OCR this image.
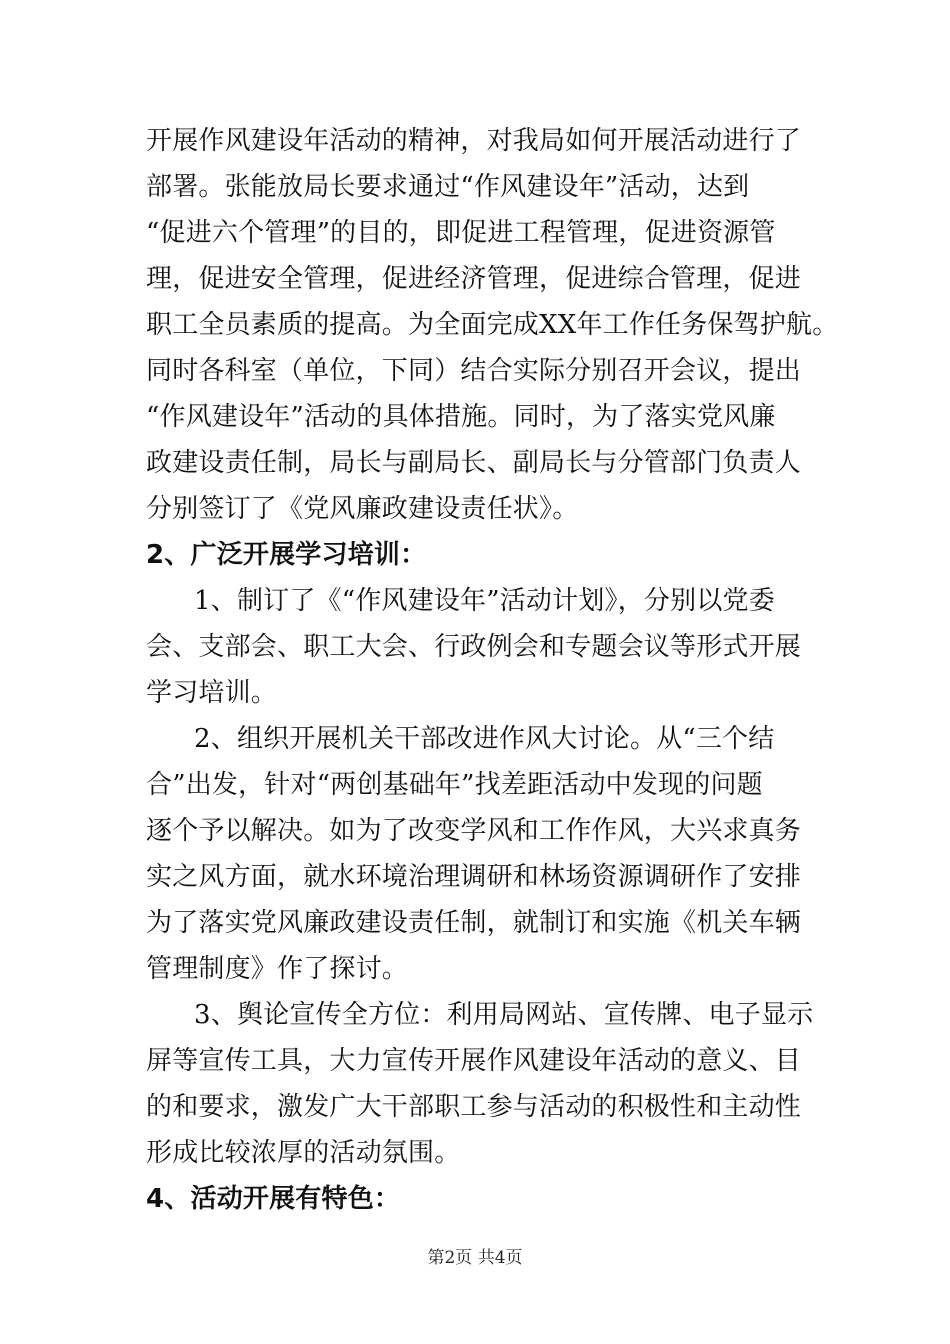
开展作风建设年活动的精神，对我局如何开展活动进行了
部署。张能放局长要求通过“作风建设年”活动，达到
“促进六个管理”的目的，即促进工程管理，促进资源管
理，促进安全管理，促进经济管理，促进综合管理，促进
职工全员素质的提高。为全面完成XX年工作任务保驾护航。
同时各科室（单位，下同）结合实际分别召开会议，提出
“作风建设年”活动的具体措施。同时，为了落实党风廉
政建设责任制，局长与副局长、副局长与分管部门负责人
分别签订了《党风廉政建设责任状》。
2、广泛开展学习培训：
1、制订了《“作风建设年”活动计划》，分别以党委
会、支部会、职工大会、行政例会和专题会议等形式开展
学习培训。
2、组织开展机关干部改进作风大讨论。从“三个结
合”出发，针对“两创基础年”找差距活动中发现的问题
逐个予以解决。如为了改变学风和工作作风，大兴求真务
实之风方面，就水环境治理调研和林场资源调研作了安排
为了落实党风廉政建设责任制，就制订和实施《机关车辆
管理制度》作了探讨。
3、舆论宣传全方位：利用局网站、宣传牌、电子显示
屏等宣传工具，大力宣传开展作风建设年活动的意义、目
的和要求，激发广大干部职工参与活动的积极性和主动性
形成比较浓厚的活动氛围。
4、活动开展有特色：
第2页 共4页
